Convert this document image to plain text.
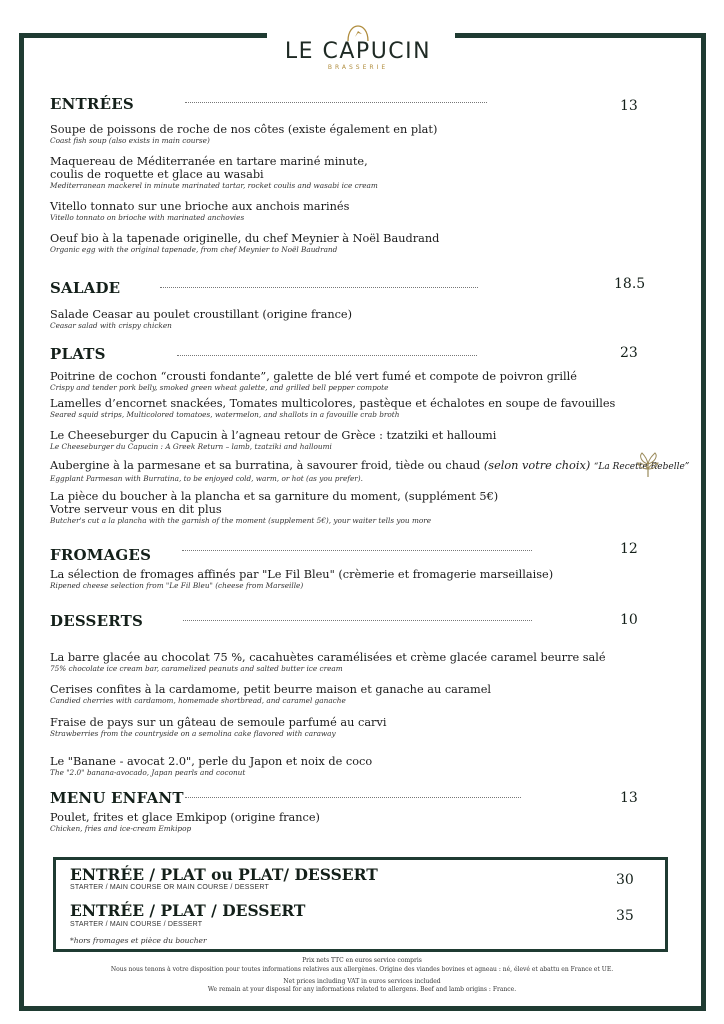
LE CAPUCIN
BRASSERIE
ENTRÉES	13
Soupe de poissons de roche de nos côtes (existe également en plat)
Coast fish soup (also exists in main course)
Maquereau de Méditerranée en tartare mariné minute,
coulis de roquette et glace au wasabi
Mediterranean mackerel in minute marinated tartar, rocket coulis and wasabi ice cream
Vitello tonnato sur une brioche aux anchois marinés
Vitello tonnato on brioche with marinated anchovies
Oeuf bio à la tapenade originelle, du chef Meynier à Noël Baudrand
Organic egg with the original tapenade, from chef Meynier to Noël Baudrand
SALADE	18.5
Salade Ceasar au poulet croustillant (origine france)
Ceasar salad with crispy chicken
PLATS	23
Poitrine de cochon “crousti fondante”, galette de blé vert fumé et compote de poivron grillé
Crispy and tender pork belly, smoked green wheat galette, and grilled bell pepper compote
Lamelles d’encornet snackées, Tomates multicolores, pastèque et échalotes en soupe de favouilles
Seared squid strips, Multicolored tomatoes, watermelon, and shallots in a favouille crab broth
Le Cheeseburger du Capucin à l’agneau retour de Grèce : tzatziki et halloumi
Le Cheeseburger du Capucin : A Greek Return – lamb, tzatziki and halloumi
Aubergine à la parmesane et sa burratina, à savourer froid, tiède ou chaud (selon votre choix) “La Recette Rebelle”
Eggplant Parmesan with Burratina, to be enjoyed cold, warm, or hot (as you prefer).
La pièce du boucher à la plancha et sa garniture du moment, (supplément 5€)
Votre serveur vous en dit plus
Butcher's cut a la plancha with the garnish of the moment (supplement 5€), your waiter tells you more
FROMAGES	12
La sélection de fromages affinés par "Le Fil Bleu" (crèmerie et fromagerie marseillaise)
Ripened cheese selection from "Le Fil Bleu" (cheese from Marseille)
DESSERTS	10
La barre glacée au chocolat 75 %, cacahuètes caramélisées et crème glacée caramel beurre salé
75% chocolate ice cream bar, caramelized peanuts and salted butter ice cream
Cerises confites à la cardamome, petit beurre maison et ganache au caramel
Candied cherries with cardamom, homemade shortbread, and caramel ganache
Fraise de pays sur un gâteau de semoule parfumé au carvi
Strawberries from the countryside on a semolina cake flavored with caraway
Le "Banane - avocat 2.0", perle du Japon et noix de coco
The "2.0" banana-avocado, Japan pearls and coconut
MENU ENFANT	13
Poulet, frites et glace Emkipop (origine france)
Chicken, fries and ice-cream Emkipop
ENTRÉE / PLAT ou PLAT/ DESSERT
STARTER / MAIN COURSE OR MAIN COURSE / DESSERT	30
ENTRÉE / PLAT / DESSERT
STARTER / MAIN COURSE / DESSERT
35
*hors fromages et pièce du boucher
Prix nets TTC en euros service compris
Nous nous tenons à votre disposition pour toutes informations relatives aux allergènes. Origine des viandes bovines et agneau : né, élevé et abattu en France et UE.
Net prices including VAT in euros services included
We remain at your disposal for any informations related to allergens. Beef and lamb origins : France.
